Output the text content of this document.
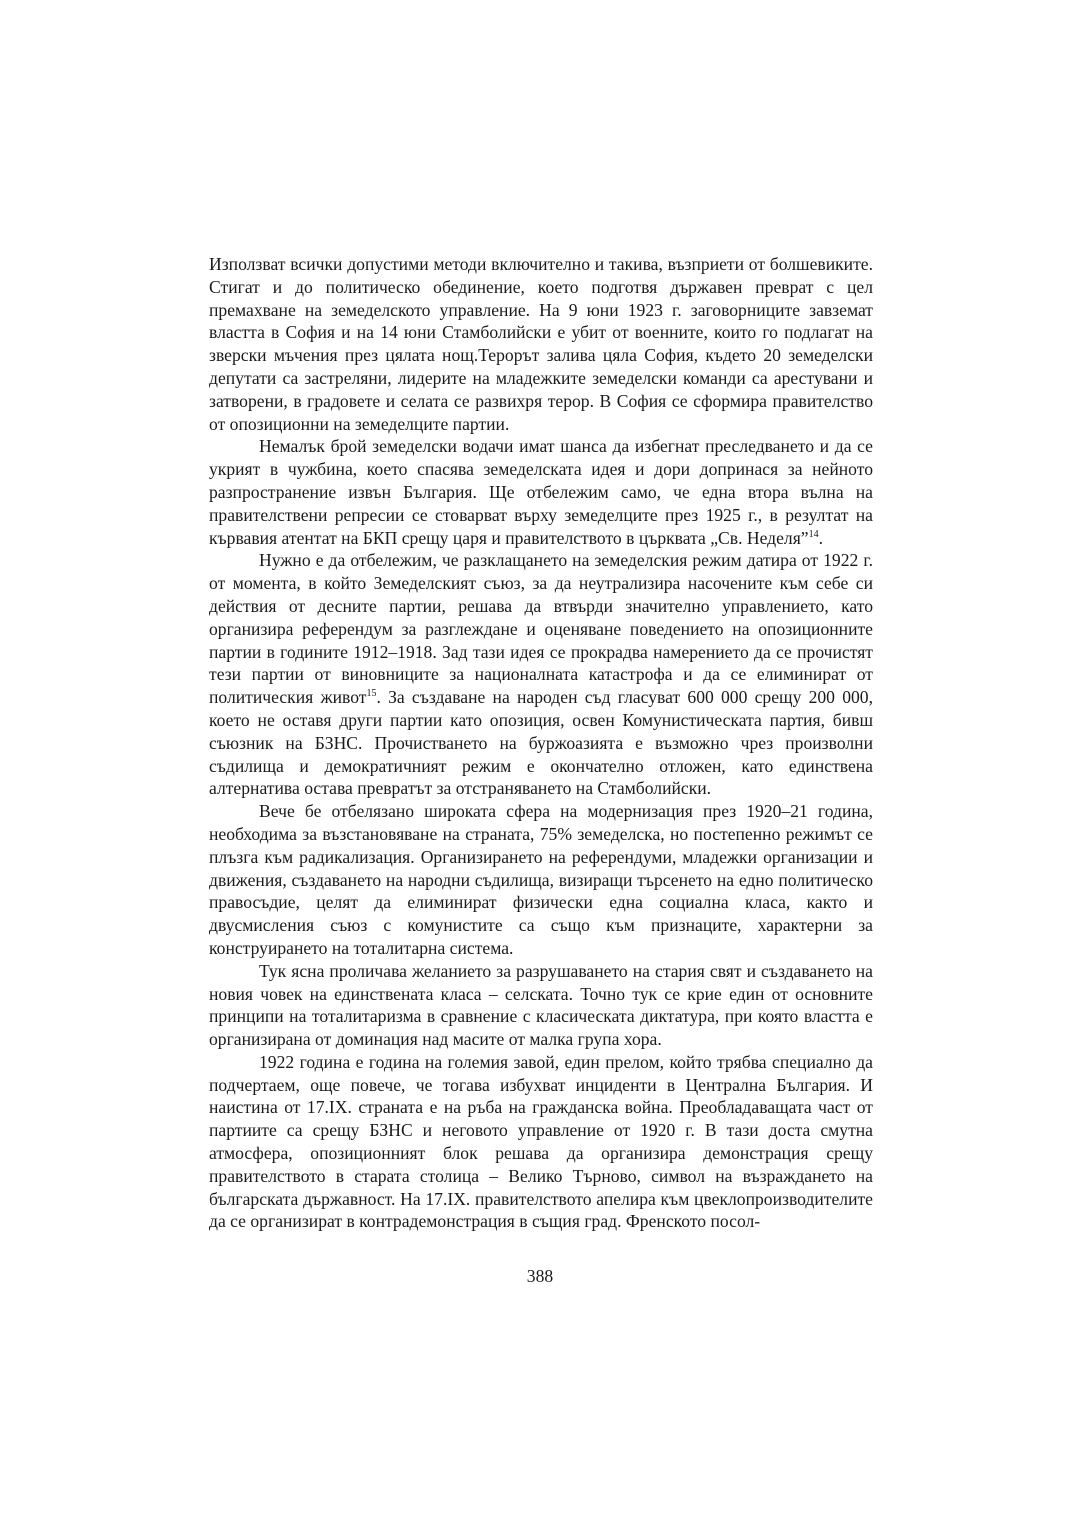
Използват всички допустими методи включително и такива, възприети от болшевиките. Стигат и до политическо обединение, което подготвя държавен преврат с цел премахване на земеделското управление. На 9 юни 1923 г. заговорниците завземат властта в София и на 14 юни Стамболийски е убит от военните, които го подлагат на зверски мъчения през цялата нощ.Терорът залива цяла София, където 20 земеделски депутати са застреляни, лидерите на младежките земеделски команди са арестувани и затворени, в градовете и селата се развихря терор. В София се сформира правителство от опозиционни на земеделците партии.

Немалък брой земеделски водачи имат шанса да избегнат преследването и да се укрият в чужбина, което спасява земеделската идея и дори допринася за нейното разпространение извън България. Ще отбележим само, че една втора вълна на правителствени репресии се стоварват върху земеделците през 1925 г., в резултат на кървавия атентат на БКП срещу царя и правителството в църквата „Св. Неделя”$^{14}$.

Нужно е да отбележим, че разклащането на земеделския режим датира от 1922 г. от момента, в който Земеделският съюз, за да неутрализира насочените към себе си действия от десните партии, решава да втвърди значително управлението, като организира референдум за разглеждане и оценяване поведението на опозиционните партии в годините 1912–1918. Зад тази идея се прокрадва намерението да се прочистят тези партии от виновниците за националната катастрофа и да се елиминират от политическия живот$^{15}$. За създаване на народен съд гласуват 600 000 срещу 200 000, което не оставя други партии като опозиция, освен Комунистическата партия, бивш съюзник на БЗНС. Прочистването на буржоазията е възможно чрез произволни съдилища и демократичният режим е окончателно отложен, като единствена алтернатива остава превратът за отстраняването на Стамболийски.

Вече бе отбелязано широката сфера на модернизация през 1920–21 година, необходима за възстановяване на страната, 75% земеделска, но постепенно режимът се плъзга към радикализация. Организирането на референдуми, младежки организации и движения, създаването на народни съдилища, визиращи търсенето на едно политическо правосъдие, целят да елиминират физически една социална класа, както и двусмисления съюз с комунистите са също към признаците, характерни за конструирането на тоталитарна система.

Тук ясна проличава желанието за разрушаването на стария свят и създаването на новия човек на единствената класа – селската. Точно тук се крие един от основните принципи на тоталитаризма в сравнение с класическата диктатура, при която властта е организирана от доминация над масите от малка група хора.

1922 година е година на големия завой, един прелом, който трябва специално да подчертаем, още повече, че тогава избухват инциденти в Централна България. И наистина от 17.IX. страната е на ръба на гражданска война. Преобладаващата част от партиите са срещу БЗНС и неговото управление от 1920 г. В тази доста смутна атмосфера, опозиционният блок решава да организира демонстрация срещу правителството в старата столица – Велико Търново, символ на възраждането на българската държавност. На 17.IX. правителството апелира към цвеклопроизводителите да се организират в контрадемонстрация в същия град. Френското посол-

388
